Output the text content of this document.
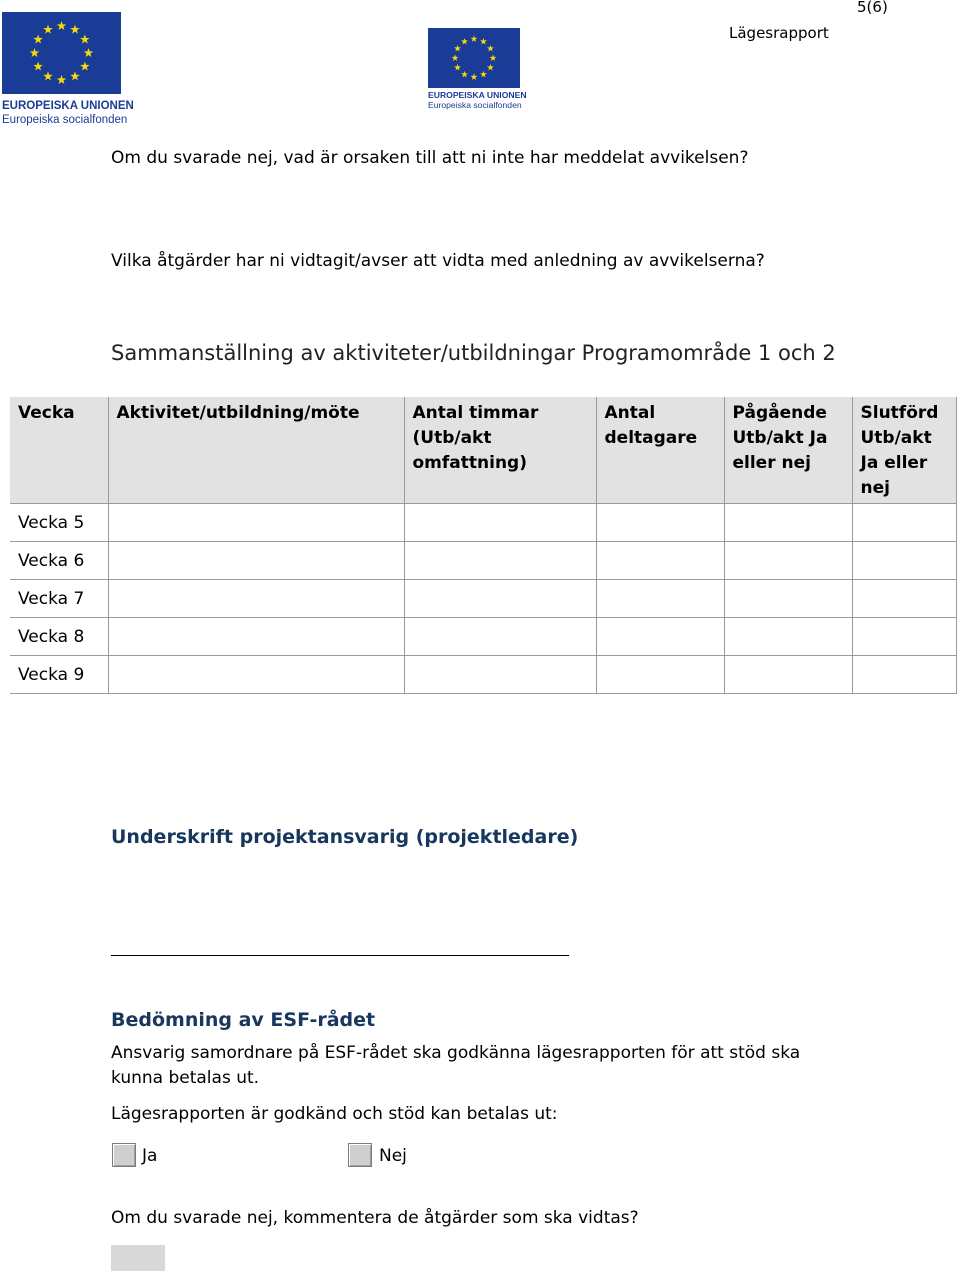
EUROPEISKA UNIONEN
Europeiska socialfonden
EUROPEISKA UNIONEN
Europeiska socialfonden
5(6)
Lägesrapport
Om du svarade nej, vad är orsaken till att ni inte har meddelat avvikelsen?
Vilka åtgärder har ni vidtagit/avser att vidta med anledning av avvikelserna?
Sammanställning av aktiviteter/utbildningar Programområde 1 och 2
Vecka	Aktivitet/utbildning/möte	Antal timmar (Utb/akt omfattning)	Antal deltagare	Pågående Utb/akt Ja eller nej	Slutförd Utb/akt Ja eller nej
Vecka 5					
Vecka 6					
Vecka 7					
Vecka 8					
Vecka 9					
Underskrift projektansvarig (projektledare)
Bedömning av ESF-rådet
Ansvarig samordnare på ESF-rådet ska godkänna lägesrapporten för att stöd ska kunna betalas ut.
Lägesrapporten är godkänd och stöd kan betalas ut:
Ja	Nej
Om du svarade nej, kommentera de åtgärder som ska vidtas?
